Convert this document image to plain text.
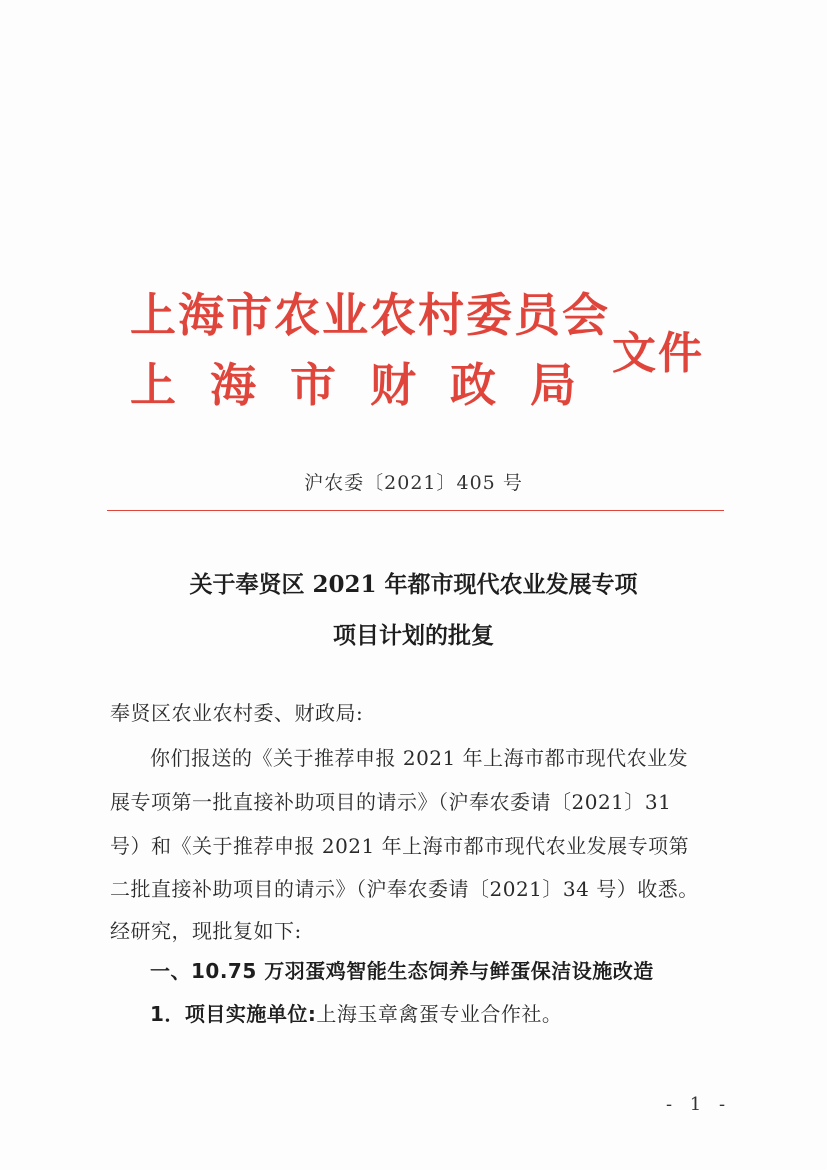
上海市农业农村委员会
上海市财政局
文件
沪农委〔2021〕405 号
关于奉贤区 2021 年都市现代农业发展专项
项目计划的批复
奉贤区农业农村委、财政局:
你们报送的《关于推荐申报 2021 年上海市都市现代农业发
展专项第一批直接补助项目的请示》（沪奉农委请〔2021〕31
号）和《关于推荐申报 2021 年上海市都市现代农业发展专项第
二批直接补助项目的请示》（沪奉农委请〔2021〕34 号）收悉。
经研究，现批复如下:
一、10.75 万羽蛋鸡智能生态饲养与鲜蛋保洁设施改造
1．项目实施单位:上海玉章禽蛋专业合作社。
- 1 -
